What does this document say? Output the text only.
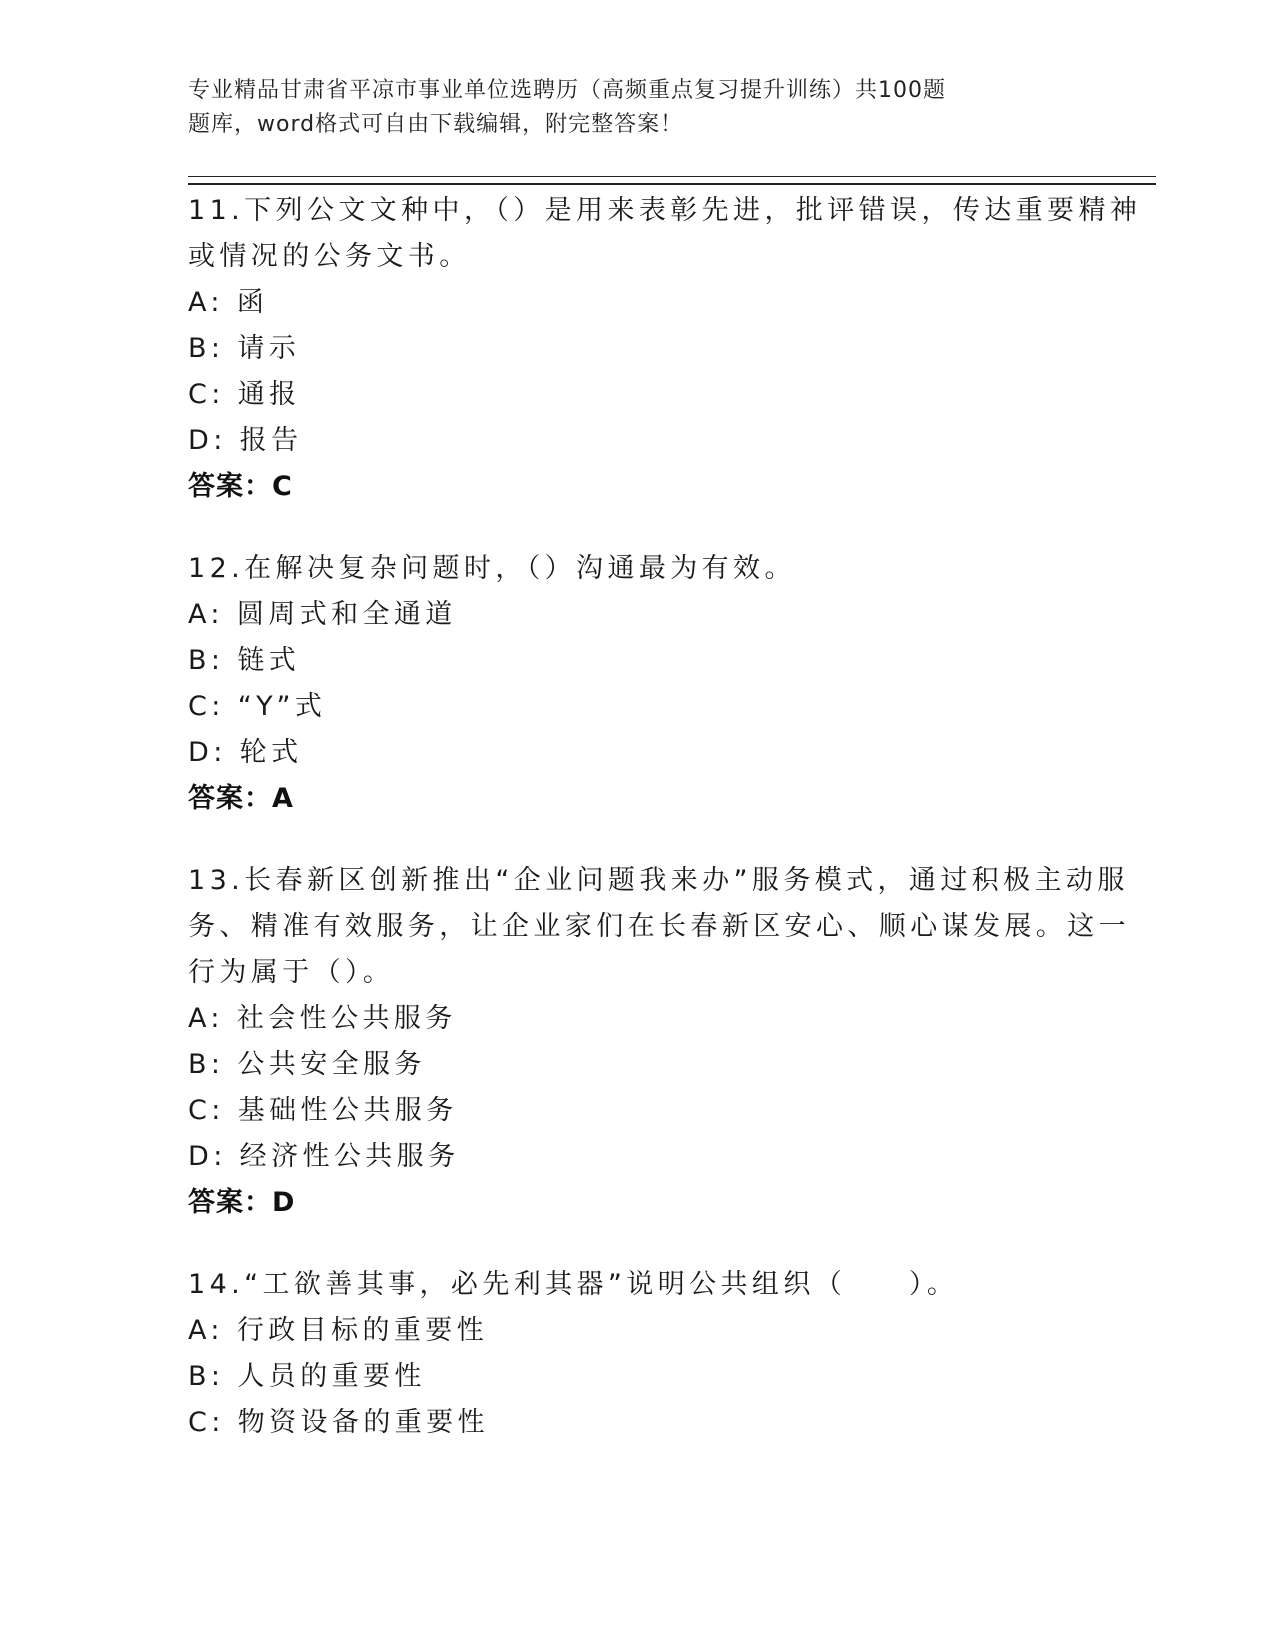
专业精品甘肃省平凉市事业单位选聘历（高频重点复习提升训练）共100题
题库，word格式可自由下载编辑，附完整答案！
11.下列公文文种中，（）是用来表彰先进，批评错误，传达重要精神
或情况的公务文书。
A: 函
B: 请示
C: 通报
D: 报告
答案：C
12.在解决复杂问题时，（）沟通最为有效。
A: 圆周式和全通道
B: 链式
C: “Y”式
D: 轮式
答案：A
13.长春新区创新推出“企业问题我来办”服务模式，通过积极主动服
务、精准有效服务，让企业家们在长春新区安心、顺心谋发展。这一
行为属于（）。
A: 社会性公共服务
B: 公共安全服务
C: 基础性公共服务
D: 经济性公共服务
答案：D
14.“工欲善其事，必先利其器”说明公共组织（　　）。
A: 行政目标的重要性
B: 人员的重要性
C: 物资设备的重要性
